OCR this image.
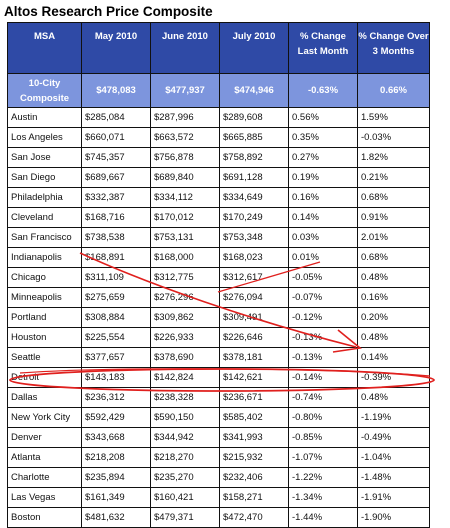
Altos Research Price Composite
MSA	May 2010	June 2010	July 2010	% Change Last Month	% Change Over 3 Months
10-City Composite	$478,083	$477,937	$474,946	-0.63%	0.66%
Austin	$285,084	$287,996	$289,608	0.56%	1.59%
Los Angeles	$660,071	$663,572	$665,885	0.35%	-0.03%
San Jose	$745,357	$756,878	$758,892	0.27%	1.82%
San Diego	$689,667	$689,840	$691,128	0.19%	0.21%
Philadelphia	$332,387	$334,112	$334,649	0.16%	0.68%
Cleveland	$168,716	$170,012	$170,249	0.14%	0.91%
San Francisco	$738,538	$753,131	$753,348	0.03%	2.01%
Indianapolis	$168,891	$168,000	$168,023	0.01%	0.68%
Chicago	$311,109	$312,775	$312,617	-0.05%	0.48%
Minneapolis	$275,659	$276,296	$276,094	-0.07%	0.16%
Portland	$308,884	$309,862	$309,491	-0.12%	0.20%
Houston	$225,554	$226,933	$226,646	-0.13%	0.48%
Seattle	$377,657	$378,690	$378,181	-0.13%	0.14%
Detroit	$143,183	$142,824	$142,621	-0.14%	-0.39%
Dallas	$236,312	$238,328	$236,671	-0.74%	0.48%
New York City	$592,429	$590,150	$585,402	-0.80%	-1.19%
Denver	$343,668	$344,942	$341,993	-0.85%	-0.49%
Atlanta	$218,208	$218,270	$215,932	-1.07%	-1.04%
Charlotte	$235,894	$235,270	$232,406	-1.22%	-1.48%
Las Vegas	$161,349	$160,421	$158,271	-1.34%	-1.91%
Boston	$481,632	$479,371	$472,470	-1.44%	-1.90%
